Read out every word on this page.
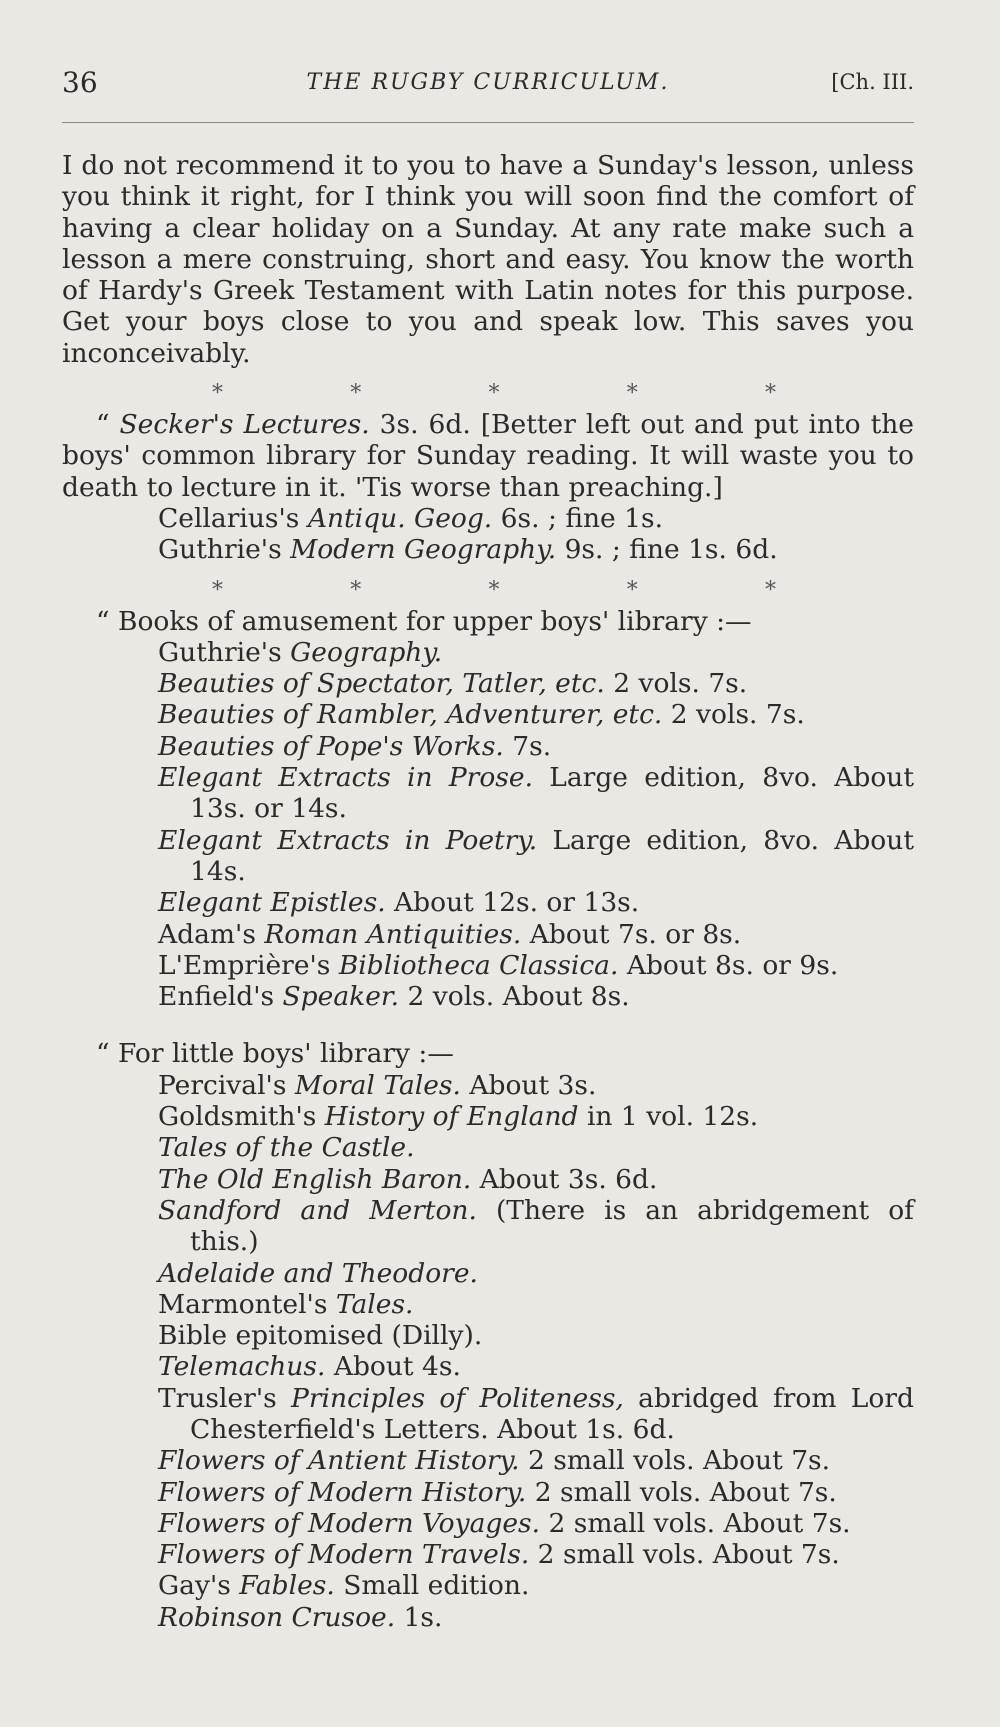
36	THE RUGBY CURRICULUM.	[Ch. III.

I do not recommend it to you to have a Sunday's lesson, unless you think it right, for I think you will soon find the comfort of having a clear holiday on a Sunday. At any rate make such a lesson a mere construing, short and easy. You know the worth of Hardy's Greek Testament with Latin notes for this purpose. Get your boys close to you and speak low. This saves you inconceivably.

*	*	*	*	*

“ Secker's Lectures. 3s. 6d. [Better left out and put into the boys' common library for Sunday reading. It will waste you to death to lecture in it. 'Tis worse than preaching.]

Cellarius's Antiqu. Geog. 6s. ; fine 1s.

Guthrie's Modern Geography. 9s. ; fine 1s. 6d.

*	*	*	*	*

“ Books of amusement for upper boys' library :—

Guthrie's Geography.

Beauties of Spectator, Tatler, etc. 2 vols. 7s.

Beauties of Rambler, Adventurer, etc. 2 vols. 7s.

Beauties of Pope's Works. 7s.

Elegant Extracts in Prose. Large edition, 8vo. About 13s. or 14s.

Elegant Extracts in Poetry. Large edition, 8vo. About 14s.

Elegant Epistles. About 12s. or 13s.

Adam's Roman Antiquities. About 7s. or 8s.

L'Emprière's Bibliotheca Classica. About 8s. or 9s.

Enfield's Speaker. 2 vols. About 8s.

“ For little boys' library :—

Percival's Moral Tales. About 3s.

Goldsmith's History of England in 1 vol. 12s.

Tales of the Castle.

The Old English Baron. About 3s. 6d.

Sandford and Merton. (There is an abridgement of this.)

Adelaide and Theodore.

Marmontel's Tales.

Bible epitomised (Dilly).

Telemachus. About 4s.

Trusler's Principles of Politeness, abridged from Lord Chesterfield's Letters. About 1s. 6d.

Flowers of Antient History. 2 small vols. About 7s.

Flowers of Modern History. 2 small vols. About 7s.

Flowers of Modern Voyages. 2 small vols. About 7s.

Flowers of Modern Travels. 2 small vols. About 7s.

Gay's Fables. Small edition.

Robinson Crusoe. 1s.
